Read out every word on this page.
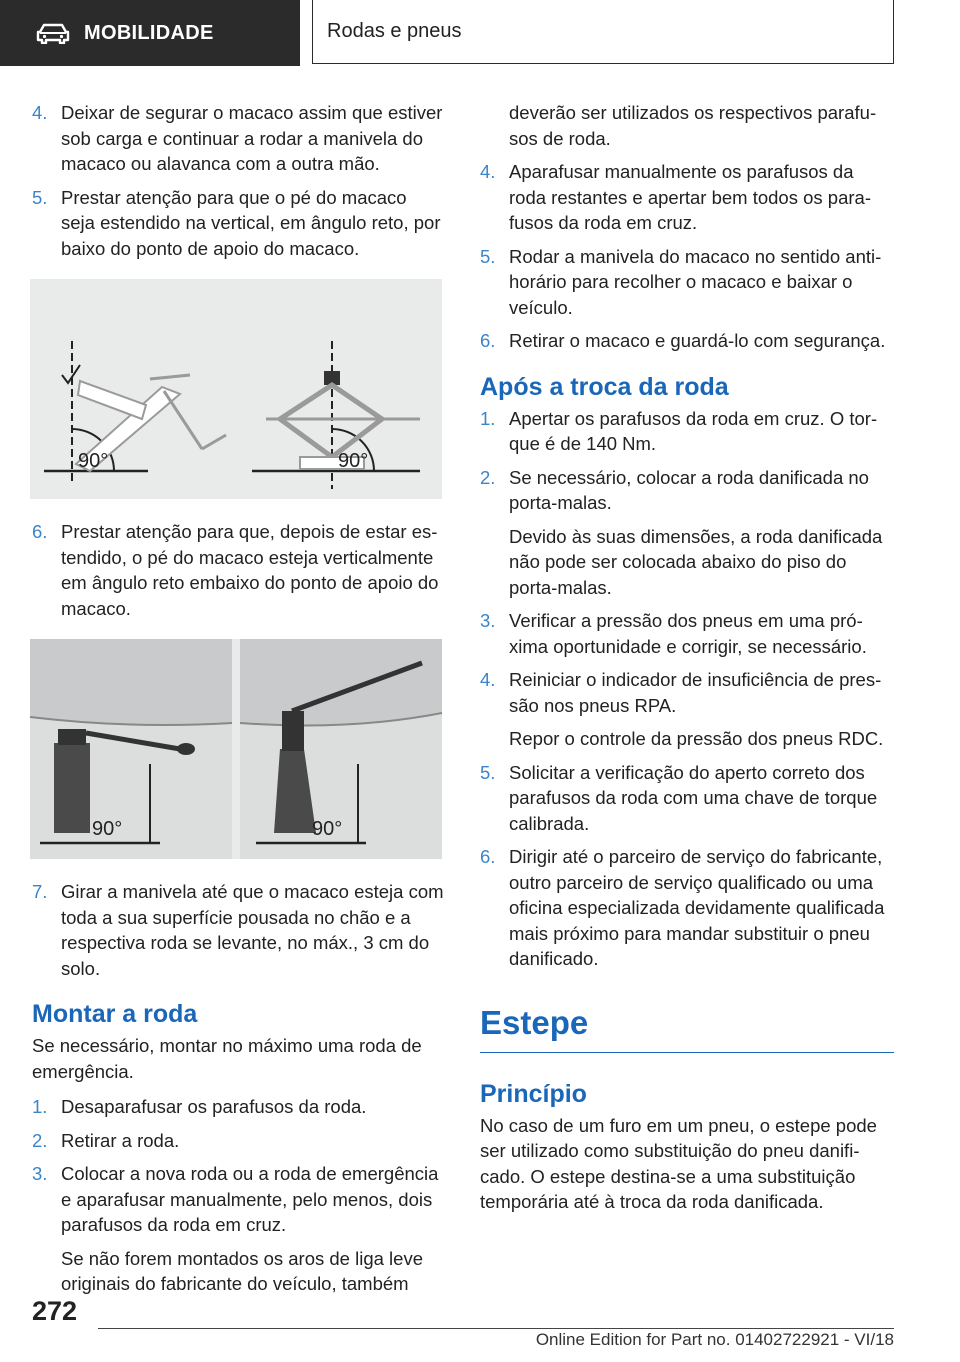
MOBILIDADE	Rodas e pneus
4. Deixar de segurar o macaco assim que estiver sob carga e continuar a rodar a manivela do macaco ou alavanca com a outra mão.
5. Prestar atenção para que o pé do macaco seja estendido na vertical, em ângulo reto, por baixo do ponto de apoio do macaco.
90°	90°
6. Prestar atenção para que, depois de estar estendido, o pé do macaco esteja verticalmente em ângulo reto embaixo do ponto de apoio do macaco.
90°	90°
7. Girar a manivela até que o macaco esteja com toda a sua superfície pousada no chão e a respectiva roda se levante, no máx., 3 cm do solo.
Montar a roda
Se necessário, montar no máximo uma roda de emergência.
1. Desaparafusar os parafusos da roda.
2. Retirar a roda.
3. Colocar a nova roda ou a roda de emergência e aparafusar manualmente, pelo menos, dois parafusos da roda em cruz.
Se não forem montados os aros de liga leve originais do fabricante do veículo, também
deverão ser utilizados os respectivos parafusos de roda.
4. Aparafusar manualmente os parafusos da roda restantes e apertar bem todos os parafusos da roda em cruz.
5. Rodar a manivela do macaco no sentido anti-horário para recolher o macaco e baixar o veículo.
6. Retirar o macaco e guardá-lo com segurança.
Após a troca da roda
1. Apertar os parafusos da roda em cruz. O torque é de 140 Nm.
2. Se necessário, colocar a roda danificada no porta-malas.
Devido às suas dimensões, a roda danificada não pode ser colocada abaixo do piso do porta-malas.
3. Verificar a pressão dos pneus em uma próxima oportunidade e corrigir, se necessário.
4. Reiniciar o indicador de insuficiência de pressão nos pneus RPA.
Repor o controle da pressão dos pneus RDC.
5. Solicitar a verificação do aperto correto dos parafusos da roda com uma chave de torque calibrada.
6. Dirigir até o parceiro de serviço do fabricante, outro parceiro de serviço qualificado ou uma oficina especializada devidamente qualificada mais próximo para mandar substituir o pneu danificado.
Estepe
Princípio
No caso de um furo em um pneu, o estepe pode ser utilizado como substituição do pneu danificado. O estepe destina-se a uma substituição temporária até à troca da roda danificada.
272
Online Edition for Part no. 01402722921 - VI/18
